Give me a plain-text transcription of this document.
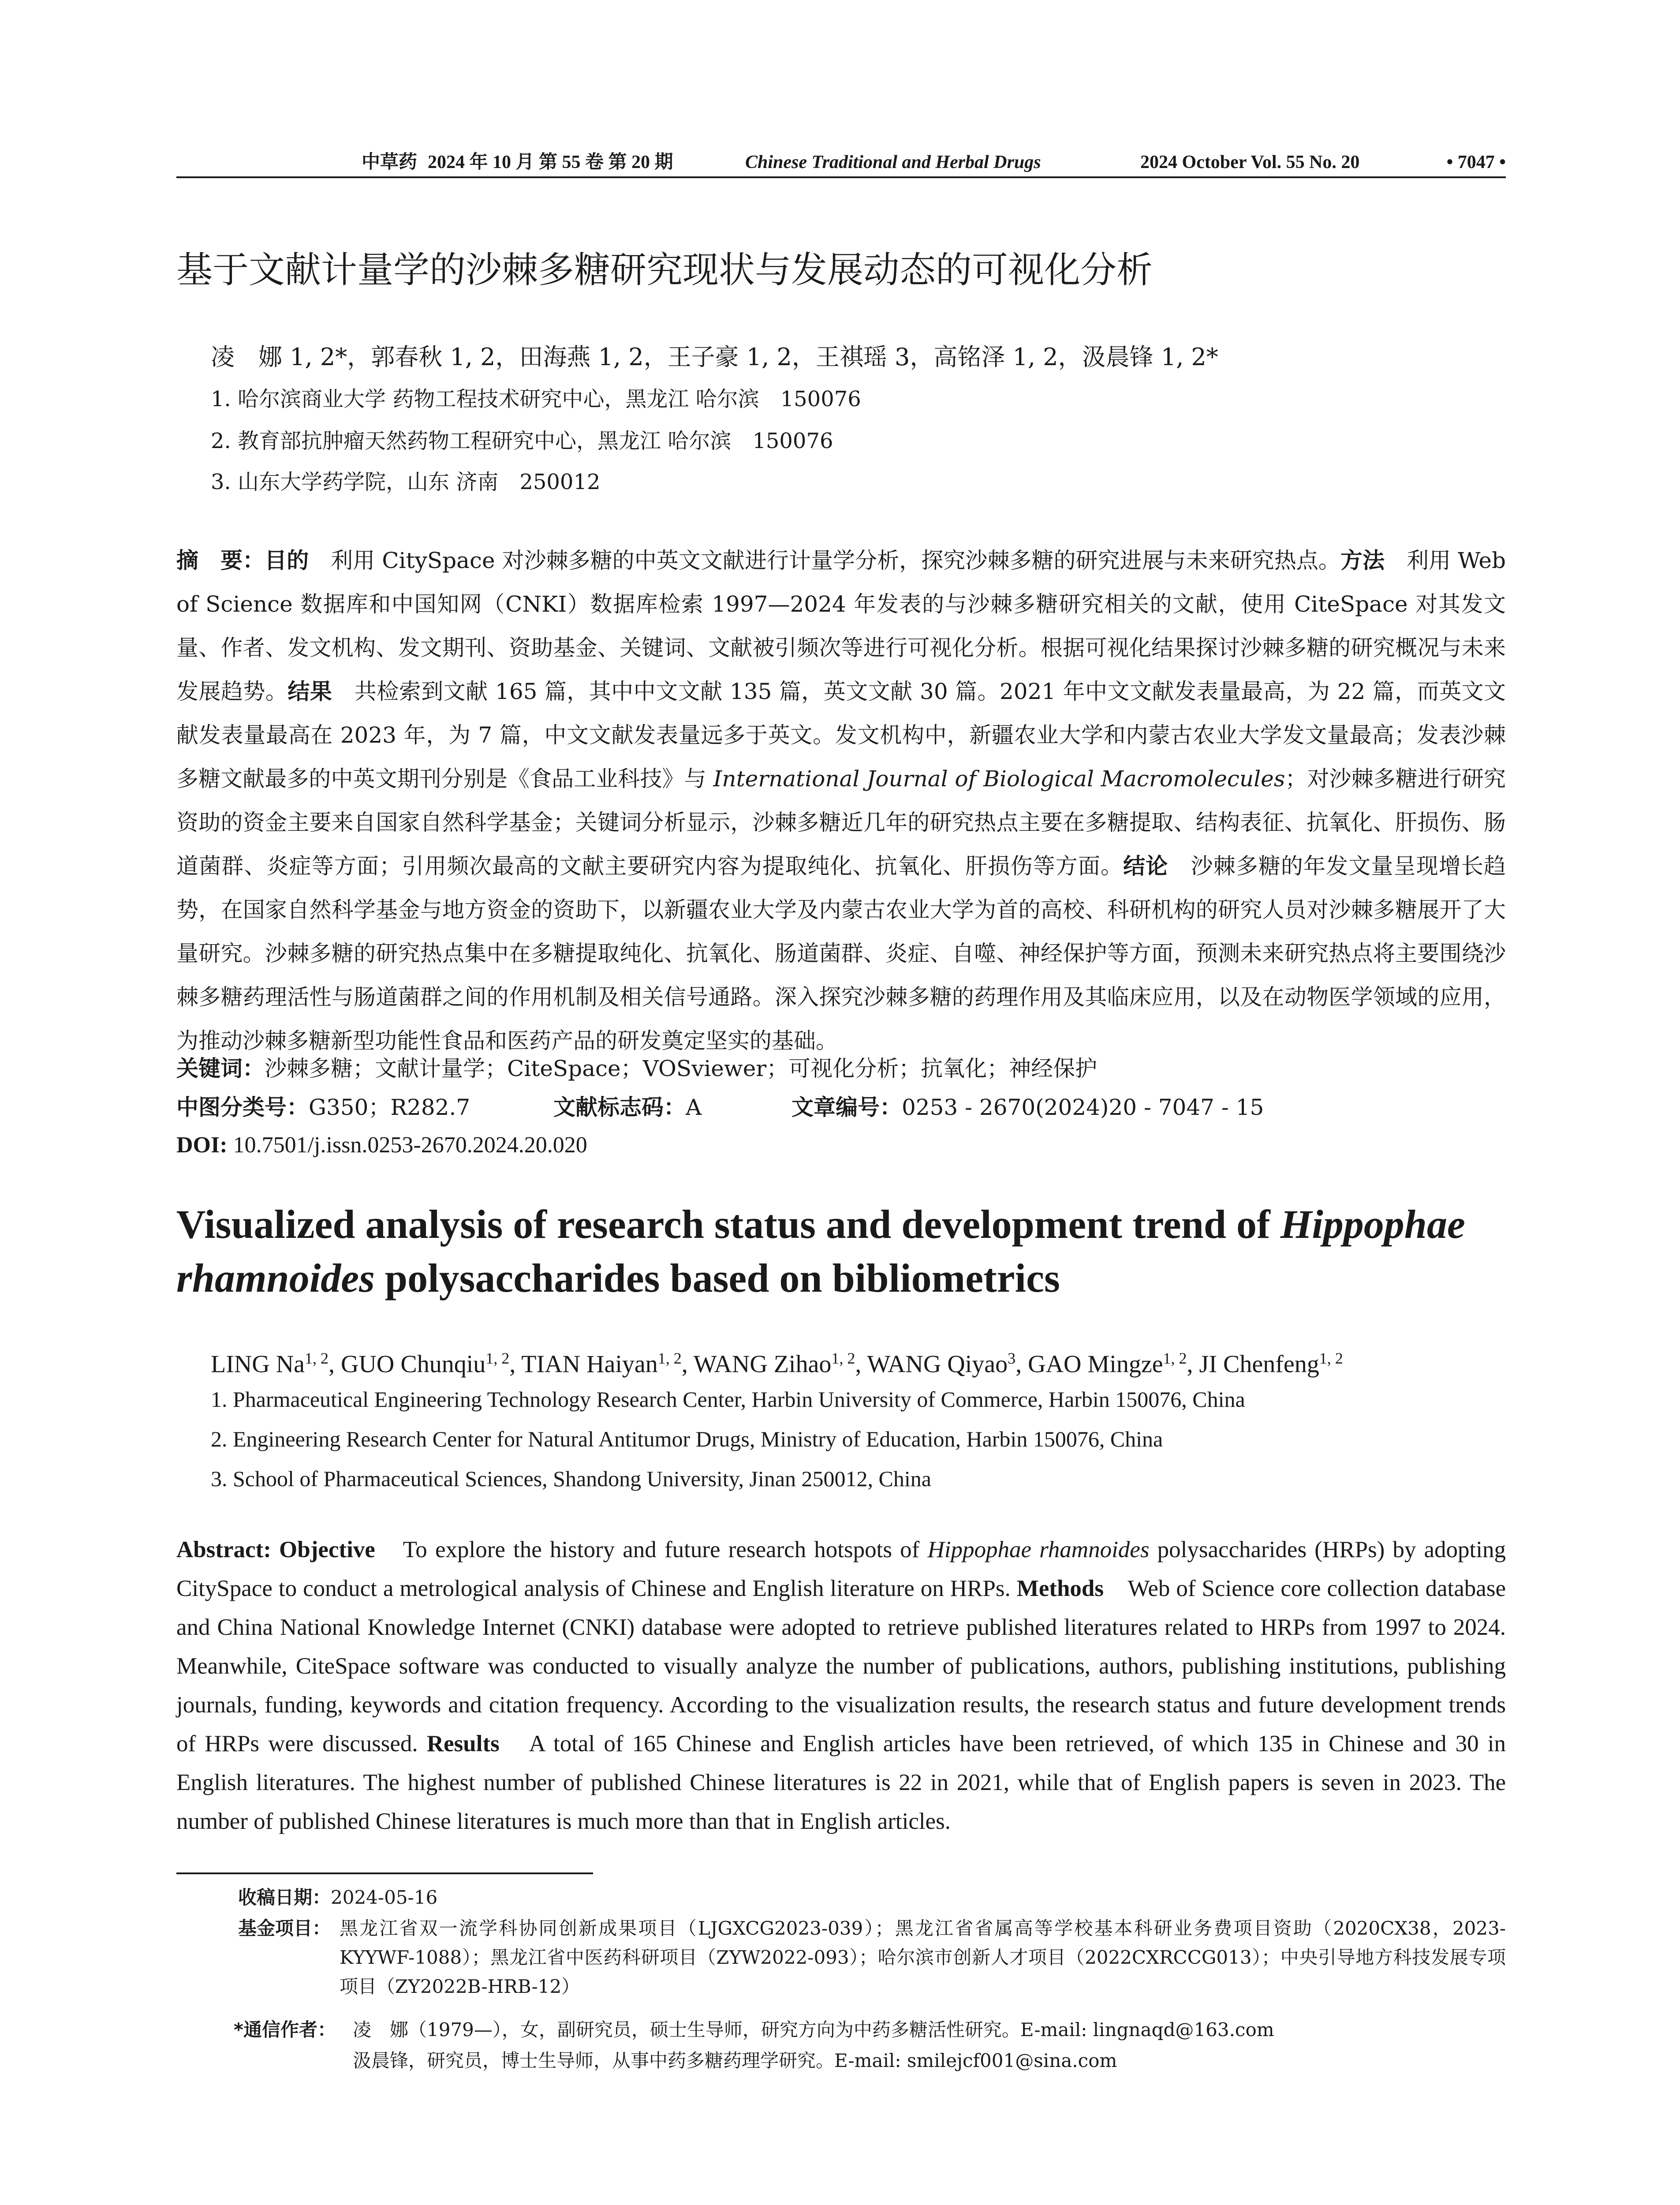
中草药 2024 年 10 月 第 55 卷 第 20 期	Chinese Traditional and Herbal Drugs	2024 October Vol. 55 No. 20	• 7047 •
基于文献计量学的沙棘多糖研究现状与发展动态的可视化分析
凌　娜 1, 2*，郭春秋 1, 2，田海燕 1, 2，王子豪 1, 2，王祺瑶 3，高铭泽 1, 2，汲晨锋 1, 2*
1. 哈尔滨商业大学 药物工程技术研究中心，黑龙江 哈尔滨　150076
2. 教育部抗肿瘤天然药物工程研究中心，黑龙江 哈尔滨　150076
3. 山东大学药学院，山东 济南　250012
摘　要：目的　利用 CitySpace 对沙棘多糖的中英文文献进行计量学分析，探究沙棘多糖的研究进展与未来研究热点。方法　利用 Web of Science 数据库和中国知网（CNKI）数据库检索 1997—2024 年发表的与沙棘多糖研究相关的文献，使用 CiteSpace 对其发文量、作者、发文机构、发文期刊、资助基金、关键词、文献被引频次等进行可视化分析。根据可视化结果探讨沙棘多糖的研究概况与未来发展趋势。结果　共检索到文献 165 篇，其中中文文献 135 篇，英文文献 30 篇。2021 年中文文献发表量最高，为 22 篇，而英文文献发表量最高在 2023 年，为 7 篇，中文文献发表量远多于英文。发文机构中，新疆农业大学和内蒙古农业大学发文量最高；发表沙棘多糖文献最多的中英文期刊分别是《食品工业科技》与 International Journal of Biological Macromolecules；对沙棘多糖进行研究资助的资金主要来自国家自然科学基金；关键词分析显示，沙棘多糖近几年的研究热点主要在多糖提取、结构表征、抗氧化、肝损伤、肠道菌群、炎症等方面；引用频次最高的文献主要研究内容为提取纯化、抗氧化、肝损伤等方面。结论　沙棘多糖的年发文量呈现增长趋势，在国家自然科学基金与地方资金的资助下，以新疆农业大学及内蒙古农业大学为首的高校、科研机构的研究人员对沙棘多糖展开了大量研究。沙棘多糖的研究热点集中在多糖提取纯化、抗氧化、肠道菌群、炎症、自噬、神经保护等方面，预测未来研究热点将主要围绕沙棘多糖药理活性与肠道菌群之间的作用机制及相关信号通路。深入探究沙棘多糖的药理作用及其临床应用，以及在动物医学领域的应用，为推动沙棘多糖新型功能性食品和医药产品的研发奠定坚实的基础。
关键词：沙棘多糖；文献计量学；CiteSpace；VOSviewer；可视化分析；抗氧化；神经保护
中图分类号：G350；R282.7	文献标志码：A	文章编号：0253 - 2670(2024)20 - 7047 - 15
DOI: 10.7501/j.issn.0253-2670.2024.20.020
Visualized analysis of research status and development trend of Hippophae rhamnoides polysaccharides based on bibliometrics
LING Na$^{1, 2}$, GUO Chunqiu$^{1, 2}$, TIAN Haiyan$^{1, 2}$, WANG Zihao$^{1, 2}$, WANG Qiyao$^3$, GAO Mingze$^{1, 2}$, JI Chenfeng$^{1, 2}$
1. Pharmaceutical Engineering Technology Research Center, Harbin University of Commerce, Harbin 150076, China
2. Engineering Research Center for Natural Antitumor Drugs, Ministry of Education, Harbin 150076, China
3. School of Pharmaceutical Sciences, Shandong University, Jinan 250012, China
Abstract: Objective　To explore the history and future research hotspots of Hippophae rhamnoides polysaccharides (HRPs) by adopting CitySpace to conduct a metrological analysis of Chinese and English literature on HRPs. Methods　Web of Science core collection database and China National Knowledge Internet (CNKI) database were adopted to retrieve published literatures related to HRPs from 1997 to 2024. Meanwhile, CiteSpace software was conducted to visually analyze the number of publications, authors, publishing institutions, publishing journals, funding, keywords and citation frequency. According to the visualization results, the research status and future development trends of HRPs were discussed. Results　A total of 165 Chinese and English articles have been retrieved, of which 135 in Chinese and 30 in English literatures. The highest number of published Chinese literatures is 22 in 2021, while that of English papers is seven in 2023. The number of published Chinese literatures is much more than that in English articles.
收稿日期：2024-05-16
基金项目： 黑龙江省双一流学科协同创新成果项目（LJGXCG2023-039）；黑龙江省省属高等学校基本科研业务费项目资助（2020CX38，2023-KYYWF-1088）；黑龙江省中医药科研项目（ZYW2022-093）；哈尔滨市创新人才项目（2022CXRCCG013）；中央引导地方科技发展专项项目（ZY2022B-HRB-12）
*通信作者： 凌　娜（1979—），女，副研究员，硕士生导师，研究方向为中药多糖活性研究。E-mail: lingnaqd@163.com
汲晨锋，研究员，博士生导师，从事中药多糖药理学研究。E-mail: smilejcf001@sina.com
